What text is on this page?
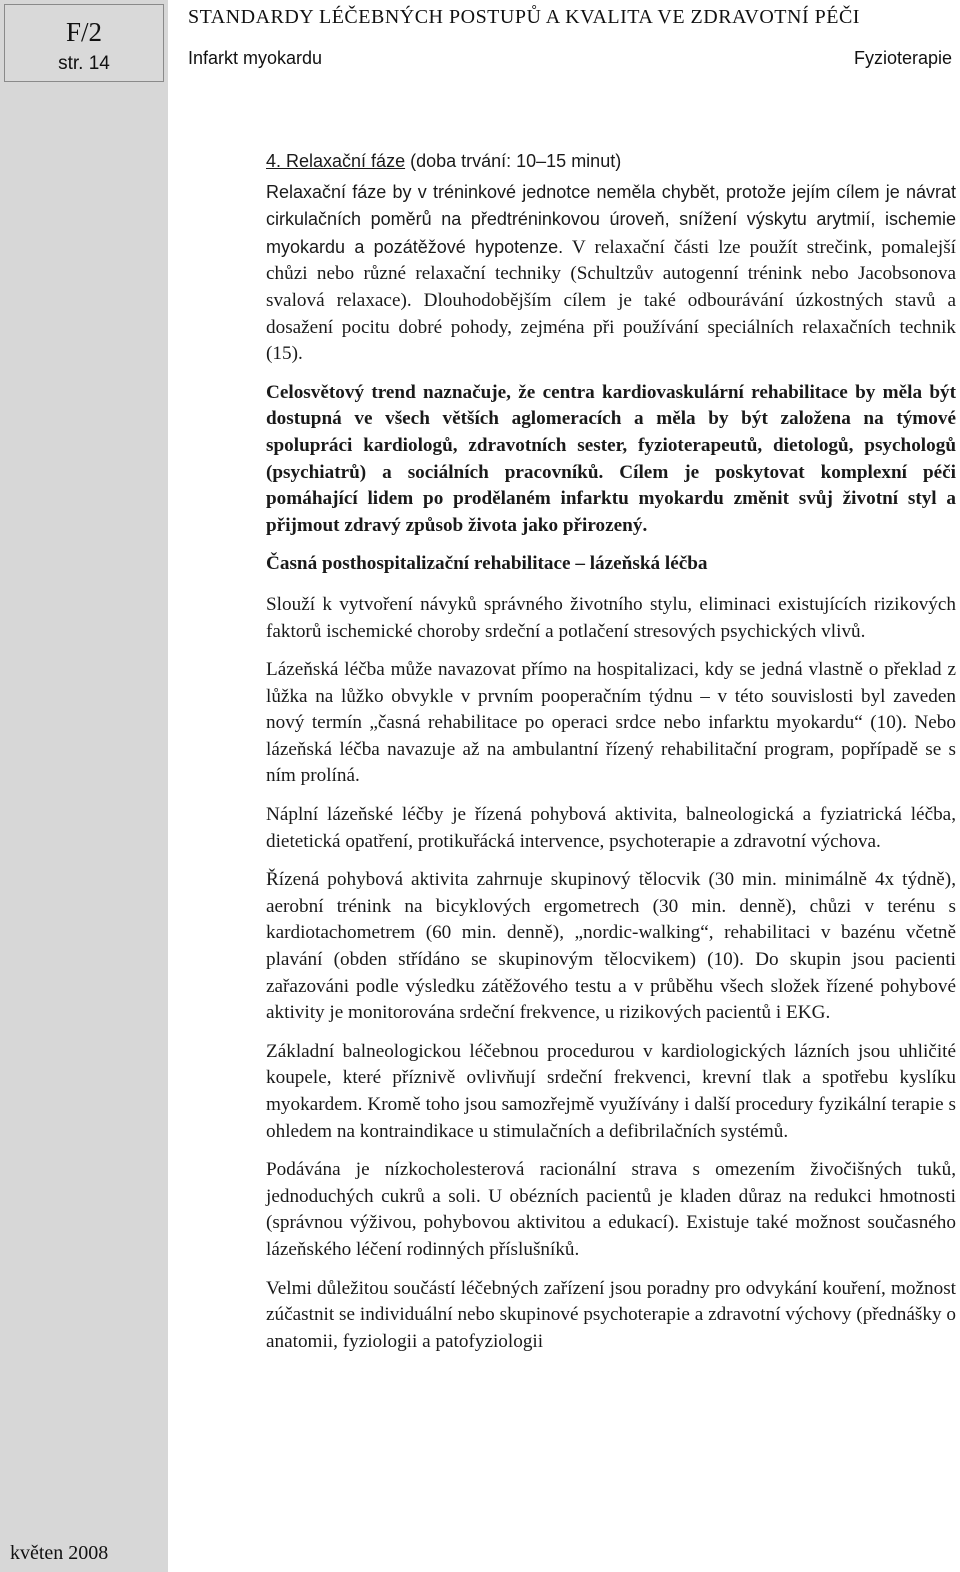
F/2
str. 14
květen 2008
STANDARDY LÉČEBNÝCH POSTUPŮ A KVALITA VE ZDRAVOTNÍ PÉČI
Infarkt myokardu	Fyzioterapie

4. Relaxační fáze (doba trvání: 10–15 minut)

Relaxační fáze by v tréninkové jednotce neměla chybět, protože jejím cílem je návrat cirkulačních poměrů na předtréninkovou úroveň, snížení výskytu arytmií, ischemie myokardu a pozátěžové hypotenze. V relaxační části lze použít strečink, pomalejší chůzi nebo různé relaxační techniky (Schultzův autogenní trénink nebo Jacobsonova svalová relaxace). Dlouhodobějším cílem je také odbourávání úzkostných stavů a dosažení pocitu dobré pohody, zejména při používání speciálních relaxačních technik (15).

Celosvětový trend naznačuje, že centra kardiovaskulární rehabilitace by měla být dostupná ve všech větších aglomeracích a měla by být založena na týmové spolupráci kardiologů, zdravotních sester, fyzioterapeutů, dietologů, psychologů (psychiatrů) a sociálních pracovníků. Cílem je poskytovat komplexní péči pomáhající lidem po prodělaném infarktu myokardu změnit svůj životní styl a přijmout zdravý způsob života jako přirozený.

Časná posthospitalizační rehabilitace – lázeňská léčba

Slouží k vytvoření návyků správného životního stylu, eliminaci existujících rizikových faktorů ischemické choroby srdeční a potlačení stresových psychických vlivů.

Lázeňská léčba může navazovat přímo na hospitalizaci, kdy se jedná vlastně o překlad z lůžka na lůžko obvykle v prvním pooperačním týdnu – v této souvislosti byl zaveden nový termín „časná rehabilitace po operaci srdce nebo infarktu myokardu“ (10). Nebo lázeňská léčba navazuje až na ambulantní řízený rehabilitační program, popřípadě se s ním prolíná.

Náplní lázeňské léčby je řízená pohybová aktivita, balneologická a fyziatrická léčba, dietetická opatření, protikuřácká intervence, psychoterapie a zdravotní výchova.

Řízená pohybová aktivita zahrnuje skupinový tělocvik (30 min. minimálně 4x týdně), aerobní trénink na bicyklových ergometrech (30 min. denně), chůzi v terénu s kardiotachometrem (60 min. denně), „nordic-walking“, rehabilitaci v bazénu včetně plavání (obden střídáno se skupinovým tělocvikem) (10). Do skupin jsou pacienti zařazováni podle výsledku zátěžového testu a v průběhu všech složek řízené pohybové aktivity je monitorována srdeční frekvence, u rizikových pacientů i EKG.

Základní balneologickou léčebnou procedurou v kardiologických lázních jsou uhličité koupele, které příznivě ovlivňují srdeční frekvenci, krevní tlak a spotřebu kyslíku myokardem. Kromě toho jsou samozřejmě využívány i další procedury fyzikální terapie s ohledem na kontraindikace u stimulačních a defibrilačních systémů.

Podávána je nízkocholesterová racionální strava s omezením živočišných tuků, jednoduchých cukrů a soli. U obézních pacientů je kladen důraz na redukci hmotnosti (správnou výživou, pohybovou aktivitou a edukací). Existuje také možnost současného lázeňského léčení rodinných příslušníků.

Velmi důležitou součástí léčebných zařízení jsou poradny pro odvykání kouření, možnost zúčastnit se individuální nebo skupinové psychoterapie a zdravotní výchovy (přednášky o anatomii, fyziologii a patofyziologii
